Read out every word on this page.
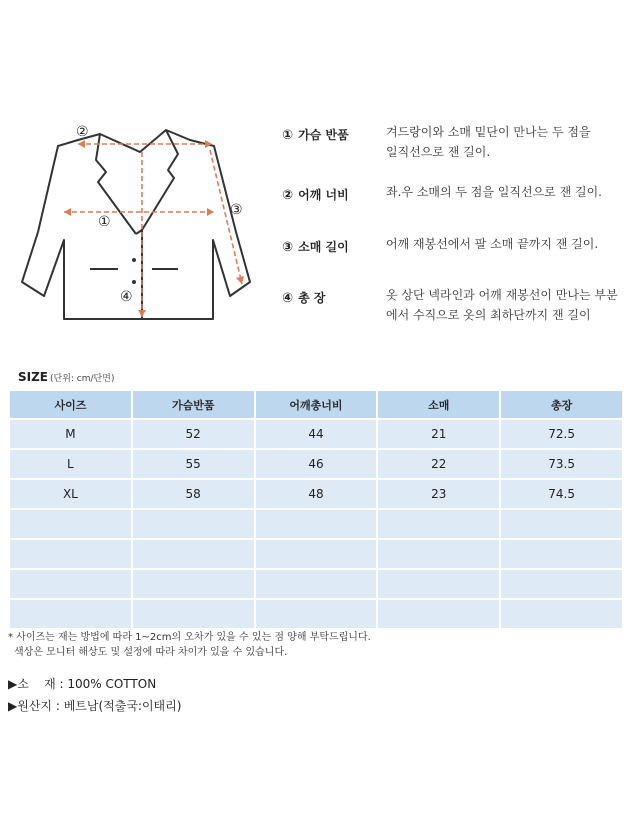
②
①
③
④
① 가슴 반품	겨드랑이와 소매 밑단이 만나는 두 점을
일직선으로 잰 길이.
② 어깨 너비	좌.우 소매의 두 점을 일직선으로 잰 길이.
③ 소매 길이	어깨 재봉선에서 팔 소매 끝까지 잰 길이.
④ 총 장	옷 상단 넥라인과 어깨 재봉선이 만나는 부분
에서 수직으로 옷의 최하단까지 잰 길이
SIZE (단위: cm/단면)
사이즈	가슴반품	어깨총너비	소매	총장
M	52	44	21	72.5
L	55	46	22	73.5
XL	58	48	23	74.5

* 사이즈는 재는 방법에 따라 1~2cm의 오차가 있을 수 있는 점 양해 부탁드립니다.
색상은 모니터 해상도 및 설정에 따라 차이가 있을 수 있습니다.
▶소    재 : 100% COTTON
▶원산지 : 베트남(적출국:이태리)
